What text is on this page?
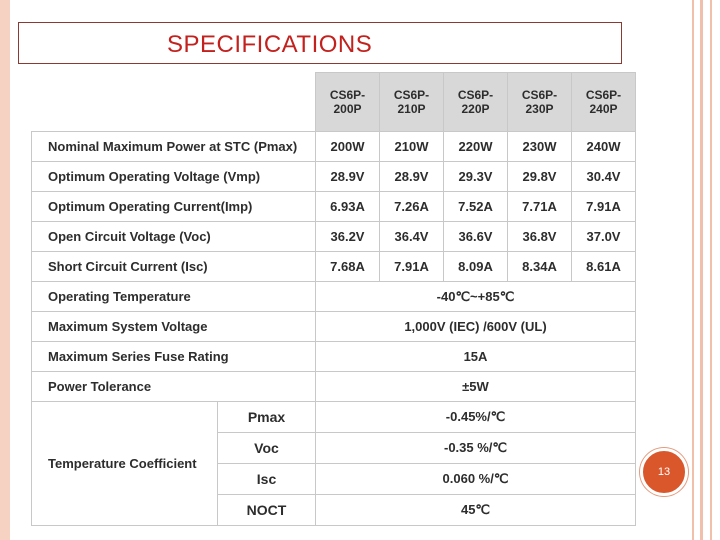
SPECIFICATIONS
		CS6P-200P	CS6P-210P	CS6P-220P	CS6P-230P	CS6P-240P
Nominal Maximum Power at STC (Pmax)		200W	210W	220W	230W	240W
Optimum Operating Voltage (Vmp)		28.9V	28.9V	29.3V	29.8V	30.4V
Optimum Operating Current(Imp)		6.93A	7.26A	7.52A	7.71A	7.91A
Open Circuit Voltage (Voc)		36.2V	36.4V	36.6V	36.8V	37.0V
Short Circuit Current (Isc)		7.68A	7.91A	8.09A	8.34A	8.61A
Operating Temperature		-40℃~+85℃				
Maximum System Voltage		1,000V (IEC) /600V (UL)				
Maximum Series Fuse Rating		15A				
Power Tolerance		±5W				
Temperature Coefficient	Pmax	-0.45%/℃				
	Voc	-0.35 %/℃				
	Isc	0.060 %/℃				
	NOCT	45℃				
13
